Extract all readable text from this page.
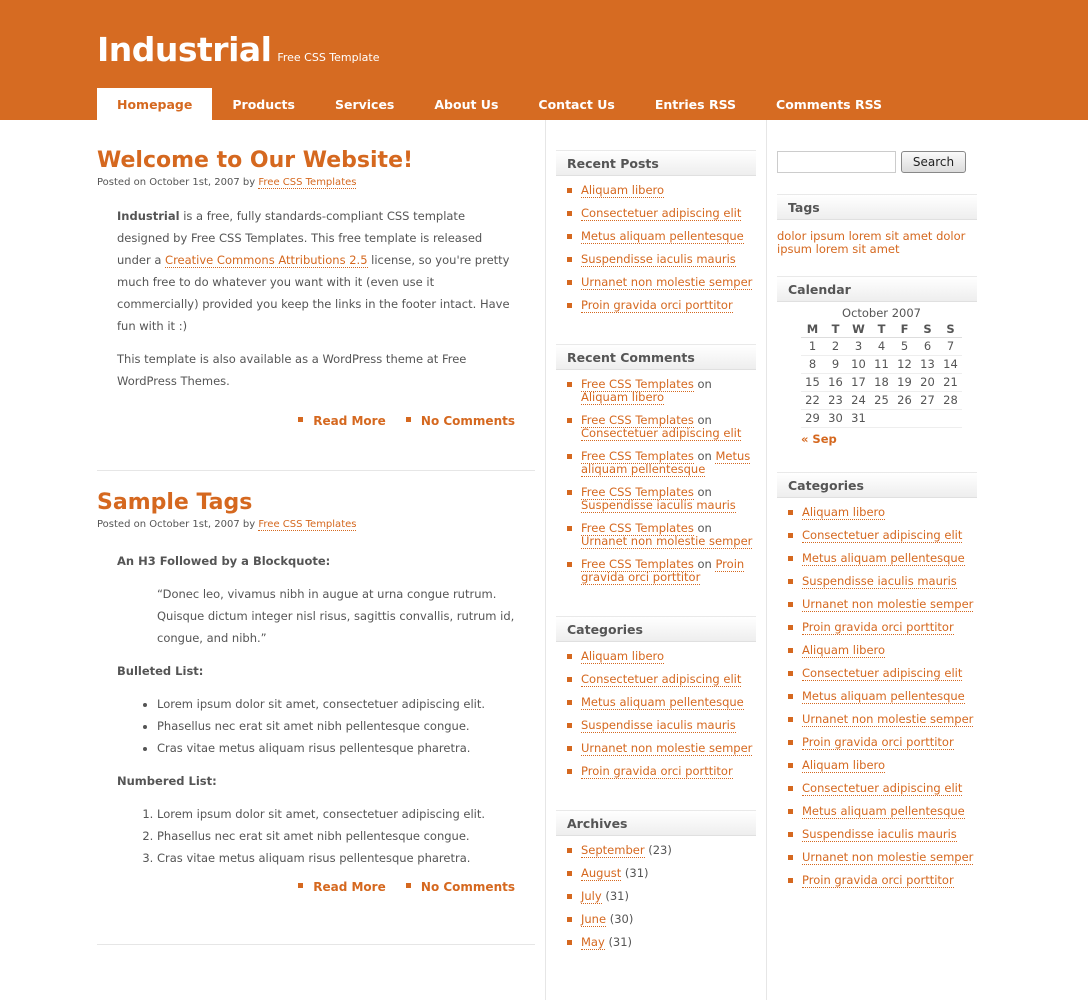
Industrial Free CSS Template
Homepage	Products	Services	About Us	Contact Us	Entries RSS	Comments RSS
Welcome to Our Website!
Posted on October 1st, 2007 by Free CSS Templates

Industrial is a free, fully standards-compliant CSS template designed by Free CSS Templates. This free template is released under a Creative Commons Attributions 2.5 license, so you're pretty much free to do whatever you want with it (even use it commercially) provided you keep the links in the footer intact. Have fun with it :)

This template is also available as a WordPress theme at Free WordPress Themes.

Read More	No Comments
Sample Tags
Posted on October 1st, 2007 by Free CSS Templates
An H3 Followed by a Blockquote:
“Donec leo, vivamus nibh in augue at urna congue rutrum. Quisque dictum integer nisl risus, sagittis convallis, rutrum id, congue, and nibh.”
Bulleted List:
• Lorem ipsum dolor sit amet, consectetuer adipiscing elit.
• Phasellus nec erat sit amet nibh pellentesque congue.
• Cras vitae metus aliquam risus pellentesque pharetra.
Numbered List:
1. Lorem ipsum dolor sit amet, consectetuer adipiscing elit.
2. Phasellus nec erat sit amet nibh pellentesque congue.
3. Cras vitae metus aliquam risus pellentesque pharetra.
Read More	No Comments
Recent Posts
Aliquam libero
Consectetuer adipiscing elit
Metus aliquam pellentesque
Suspendisse iaculis mauris
Urnanet non molestie semper
Proin gravida orci porttitor
Recent Comments
Free CSS Templates on Aliquam libero
Free CSS Templates on Consectetuer adipiscing elit
Free CSS Templates on Metus aliquam pellentesque
Free CSS Templates on Suspendisse iaculis mauris
Free CSS Templates on Urnanet non molestie semper
Free CSS Templates on Proin gravida orci porttitor
Categories
Aliquam libero
Consectetuer adipiscing elit
Metus aliquam pellentesque
Suspendisse iaculis mauris
Urnanet non molestie semper
Proin gravida orci porttitor
Archives
September (23)
August (31)
July (31)
June (30)
May (31)
Search
Tags
dolor ipsum lorem sit amet dolor ipsum lorem sit amet
Calendar
October 2007
M	T	W	T	F	S	S
1	2	3	4	5	6	7
8	9	10	11	12	13	14
15	16	17	18	19	20	21
22	23	24	25	26	27	28
29	30	31				
« Sep
Categories
Aliquam libero
Consectetuer adipiscing elit
Metus aliquam pellentesque
Suspendisse iaculis mauris
Urnanet non molestie semper
Proin gravida orci porttitor
Aliquam libero
Consectetuer adipiscing elit
Metus aliquam pellentesque
Urnanet non molestie semper
Proin gravida orci porttitor
Aliquam libero
Consectetuer adipiscing elit
Metus aliquam pellentesque
Suspendisse iaculis mauris
Urnanet non molestie semper
Proin gravida orci porttitor
